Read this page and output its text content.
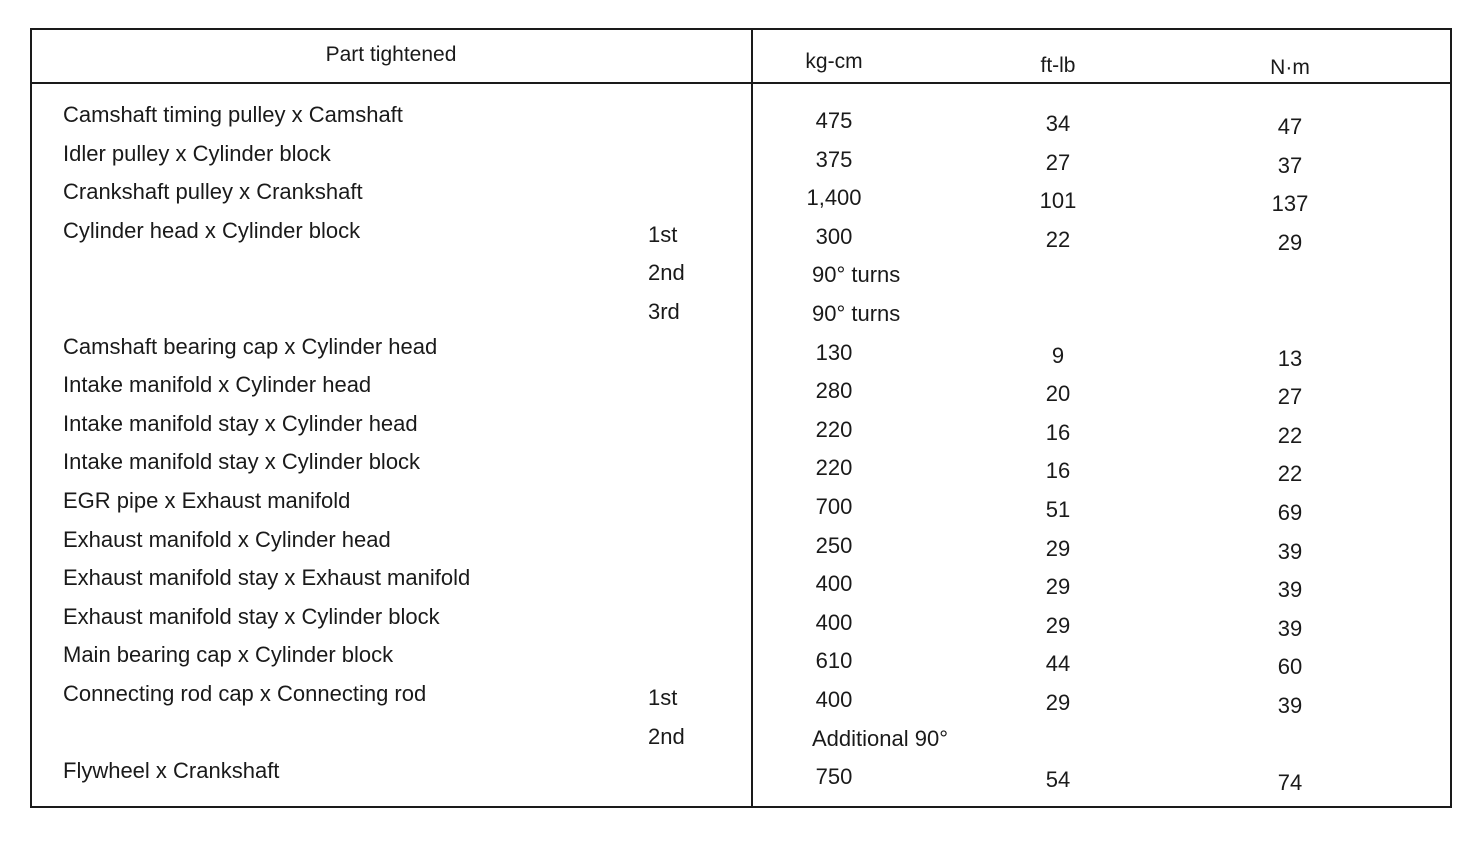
Part tightened	kg-cm	ft-lb	N·m
Camshaft timing pulley x Camshaft	475	34	47
Idler pulley x Cylinder block	375	27	37
Crankshaft pulley x Crankshaft	1,400	101	137
Cylinder head x Cylinder block	1st	300	22	29
2nd	90° turns
3rd	90° turns
Camshaft bearing cap x Cylinder head	130	9	13
Intake manifold x Cylinder head	280	20	27
Intake manifold stay x Cylinder head	220	16	22
Intake manifold stay x Cylinder block	220	16	22
EGR pipe x Exhaust manifold	700	51	69
Exhaust manifold x Cylinder head	250	29	39
Exhaust manifold stay x Exhaust manifold	400	29	39
Exhaust manifold stay x Cylinder block	400	29	39
Main bearing cap x Cylinder block	610	44	60
Connecting rod cap x Connecting rod	1st	400	29	39
2nd	Additional 90°
Flywheel x Crankshaft	750	54	74
